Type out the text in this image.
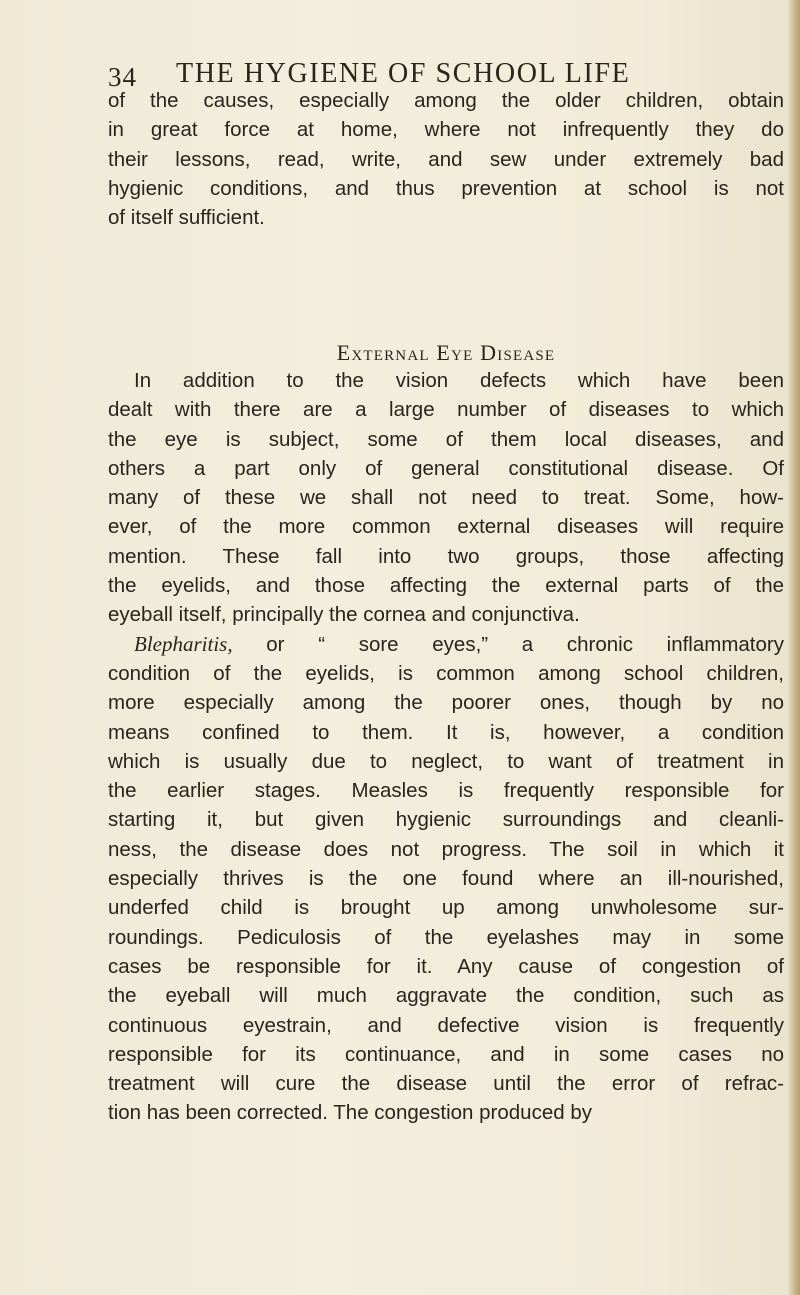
34 THE HYGIENE OF SCHOOL LIFE
of the causes, especially among the older children, obtain
in great force at home, where not infrequently they do
their lessons, read, write, and sew under extremely bad
hygienic conditions, and thus prevention at school is not
of itself sufficient.
External Eye Disease
In addition to the vision defects which have been
dealt with there are a large number of diseases to which
the eye is subject, some of them local diseases, and
others a part only of general constitutional disease. Of
many of these we shall not need to treat. Some, how-
ever, of the more common external diseases will require
mention. These fall into two groups, those affecting
the eyelids, and those affecting the external parts of the
eyeball itself, principally the cornea and conjunctiva.
Blepharitis, or “ sore eyes,” a chronic inflammatory
condition of the eyelids, is common among school children,
more especially among the poorer ones, though by no
means confined to them. It is, however, a condition
which is usually due to neglect, to want of treatment in
the earlier stages. Measles is frequently responsible for
starting it, but given hygienic surroundings and cleanli-
ness, the disease does not progress. The soil in which it
especially thrives is the one found where an ill-nourished,
underfed child is brought up among unwholesome sur-
roundings. Pediculosis of the eyelashes may in some
cases be responsible for it. Any cause of congestion of
the eyeball will much aggravate the condition, such as
continuous eyestrain, and defective vision is frequently
responsible for its continuance, and in some cases no
treatment will cure the disease until the error of refrac-
tion has been corrected. The congestion produced by
